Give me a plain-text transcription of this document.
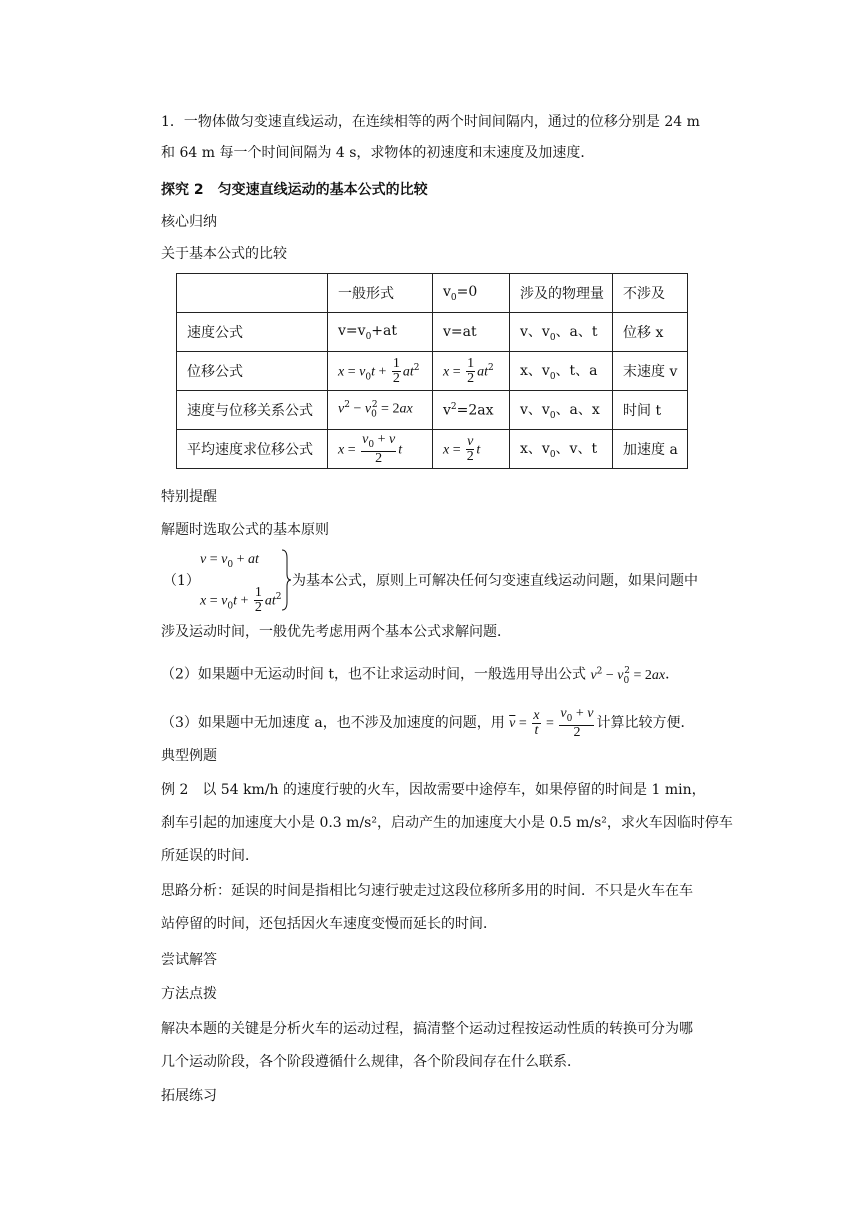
1．一物体做匀变速直线运动，在连续相等的两个时间间隔内，通过的位移分别是 24 m
和 64 m 每一个时间间隔为 4 s，求物体的初速度和末速度及加速度．
探究 2　匀变速直线运动的基本公式的比较
核心归纳
关于基本公式的比较
	一般形式	$v_0=0$	涉及的物理量	不涉及
速度公式	$v=v_0+at$	v=at	v、$v_0$、a、t	位移 x
位移公式	$x = v_0t + \frac{1}{2} at^2$	$x = \frac{1}{2} at^2$	x、$v_0$、t、a	末速度 v
速度与位移关系公式	$v^2 - v_0^2 = 2ax$	$v^2=2ax$	v、$v_0$、a、x	时间 t
平均速度求位移公式	$x = \frac{v_0 + v}{2}$ t	$x = \frac{v}{2}$ t	x、$v_0$、v、t	加速度 a
特别提醒
解题时选取公式的基本原则
（1）
$v = v_0$ + at
$x = v_0t + \frac{1}{2} at^2$
为基本公式，原则上可解决任何匀变速直线运动问题，如果问题中
涉及运动时间，一般优先考虑用两个基本公式求解问题．
（2）如果题中无运动时间 t，也不让求运动时间，一般选用导出公式 $v^2 - v_0^2 = 2ax$．
（3）如果题中无加速度 a，也不涉及加速度的问题，用 $\overline{v} = \frac{x}{t} = \frac{v_0 + v}{2}$ 计算比较方便．
典型例题
例 2　以 54 km/h 的速度行驶的火车，因故需要中途停车，如果停留的时间是 1 min，
刹车引起的加速度大小是 0.3 m/s²，启动产生的加速度大小是 0.5 m/s²，求火车因临时停车
所延误的时间．
思路分析：延误的时间是指相比匀速行驶走过这段位移所多用的时间．不只是火车在车
站停留的时间，还包括因火车速度变慢而延长的时间．
尝试解答
方法点拨
解决本题的关键是分析火车的运动过程，搞清整个运动过程按运动性质的转换可分为哪
几个运动阶段，各个阶段遵循什么规律，各个阶段间存在什么联系．
拓展练习
